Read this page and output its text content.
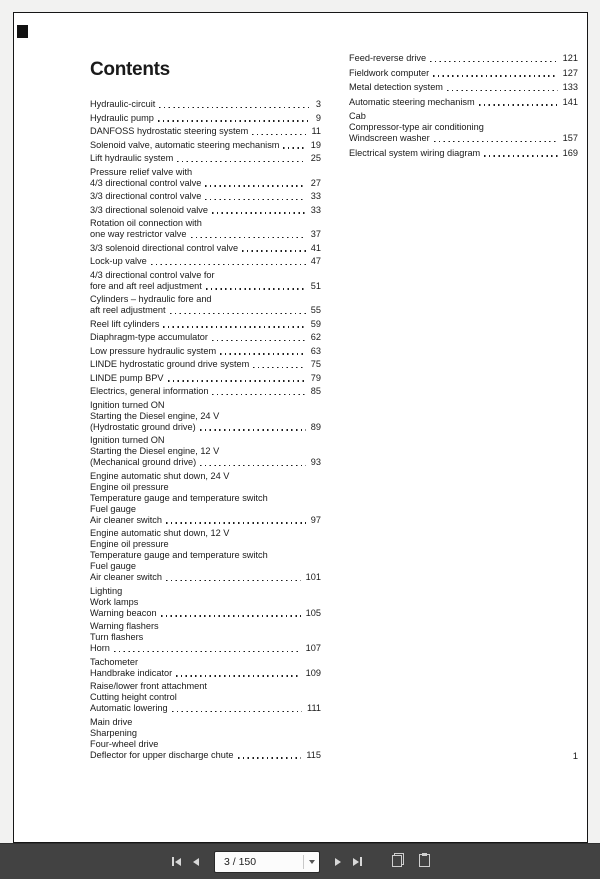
Contents
Hydraulic-circuit	3
Hydraulic pump	9
DANFOSS hydrostatic steering system	11
Solenoid valve, automatic steering mechanism	19
Lift hydraulic system	25
Pressure relief valve with
4/3 directional control valve	27
3/3 directional control valve	33
3/3 directional solenoid valve	33
Rotation oil connection with
one way restrictor valve	37
3/3 solenoid directional control valve	41
Lock-up valve	47
4/3 directional control valve for
fore and aft reel adjustment	51
Cylinders – hydraulic fore and
aft reel adjustment	55
Reel lift cylinders	59
Diaphragm-type accumulator	62
Low pressure hydraulic system	63
LINDE hydrostatic ground drive system	75
LINDE pump BPV	79
Electrics, general information	85
Ignition turned ON
Starting the Diesel engine, 24 V
(Hydrostatic ground drive)	89
Ignition turned ON
Starting the Diesel engine, 12 V
(Mechanical ground drive)	93
Engine automatic shut down, 24 V
Engine oil pressure
Temperature gauge and temperature switch
Fuel gauge
Air cleaner switch	97
Engine automatic shut down, 12 V
Engine oil pressure
Temperature gauge and temperature switch
Fuel gauge
Air cleaner switch	101
Lighting
Work lamps
Warning beacon	105
Warning flashers
Turn flashers
Horn	107
Tachometer
Handbrake indicator	109
Raise/lower front attachment
Cutting height control
Automatic lowering	111
Main drive
Sharpening
Four-wheel drive
Deflector for upper discharge chute	115
Feed-reverse drive	121
Fieldwork computer	127
Metal detection system	133
Automatic steering mechanism	141
Cab
Compressor-type air conditioning
Windscreen washer	157
Electrical system wiring diagram	169
1
3 / 150
